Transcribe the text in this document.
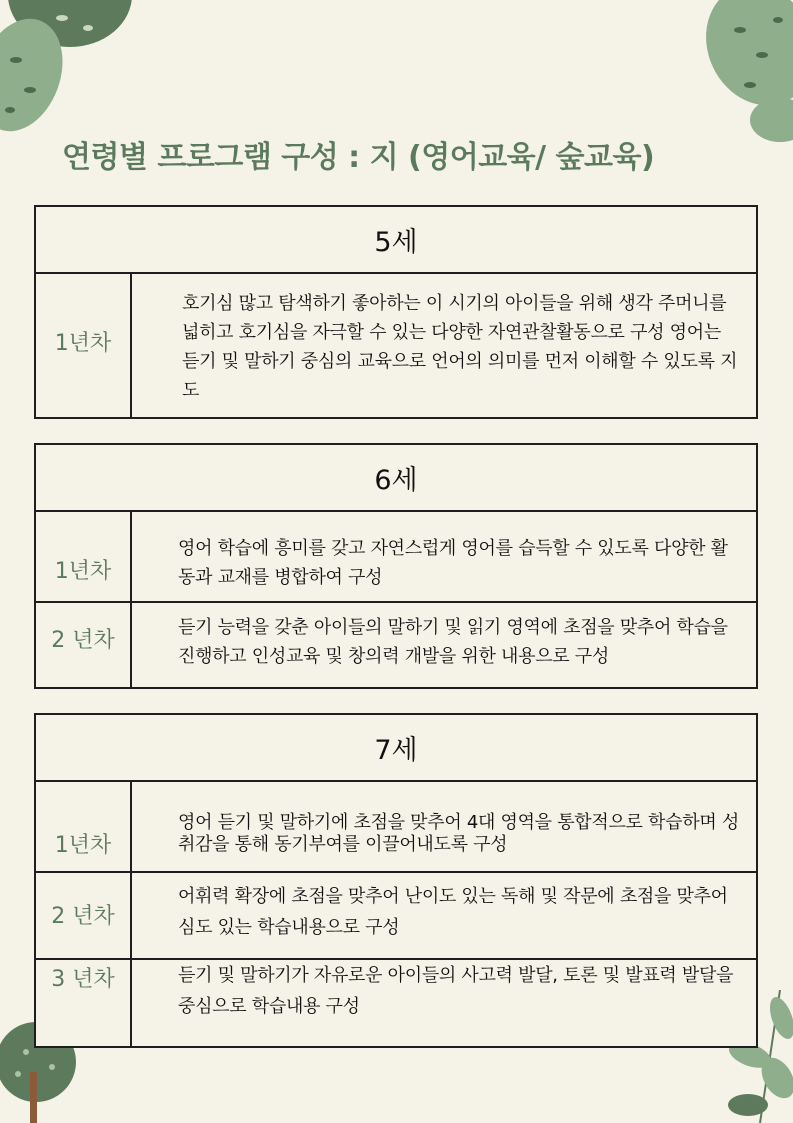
연령별 프로그램 구성 : 지 (영어교육/ 숲교육)
5세
1년차
호기심 많고 탐색하기 좋아하는 이 시기의 아이들을 위해 생각 주머니를 넓히고 호기심을 자극할 수 있는 다양한 자연관찰활동으로 구성 영어는 듣기 및 말하기 중심의 교육으로 언어의 의미를 먼저 이해할 수 있도록 지도
6세
1년차
영어 학습에 흥미를 갖고 자연스럽게 영어를 습득할 수 있도록 다양한 활동과 교재를 병합하여 구성
2 년차
듣기 능력을 갖춘 아이들의 말하기 및 읽기 영역에 초점을 맞추어 학습을 진행하고 인성교육 및 창의력 개발을 위한 내용으로 구성
7세
1년차
영어 듣기 및 말하기에 초점을 맞추어 4대 영역을 통합적으로 학습하며 성취감을 통해 동기부여를 이끌어내도록 구성
2 년차
어휘력 확장에 초점을 맞추어 난이도 있는 독해 및 작문에 초점을 맞추어 심도 있는 학습내용으로 구성
3 년차	듣기 및 말하기가 자유로운 아이들의 사고력 발달, 토론 및 발표력 발달을 중심으로 학습내용 구성
